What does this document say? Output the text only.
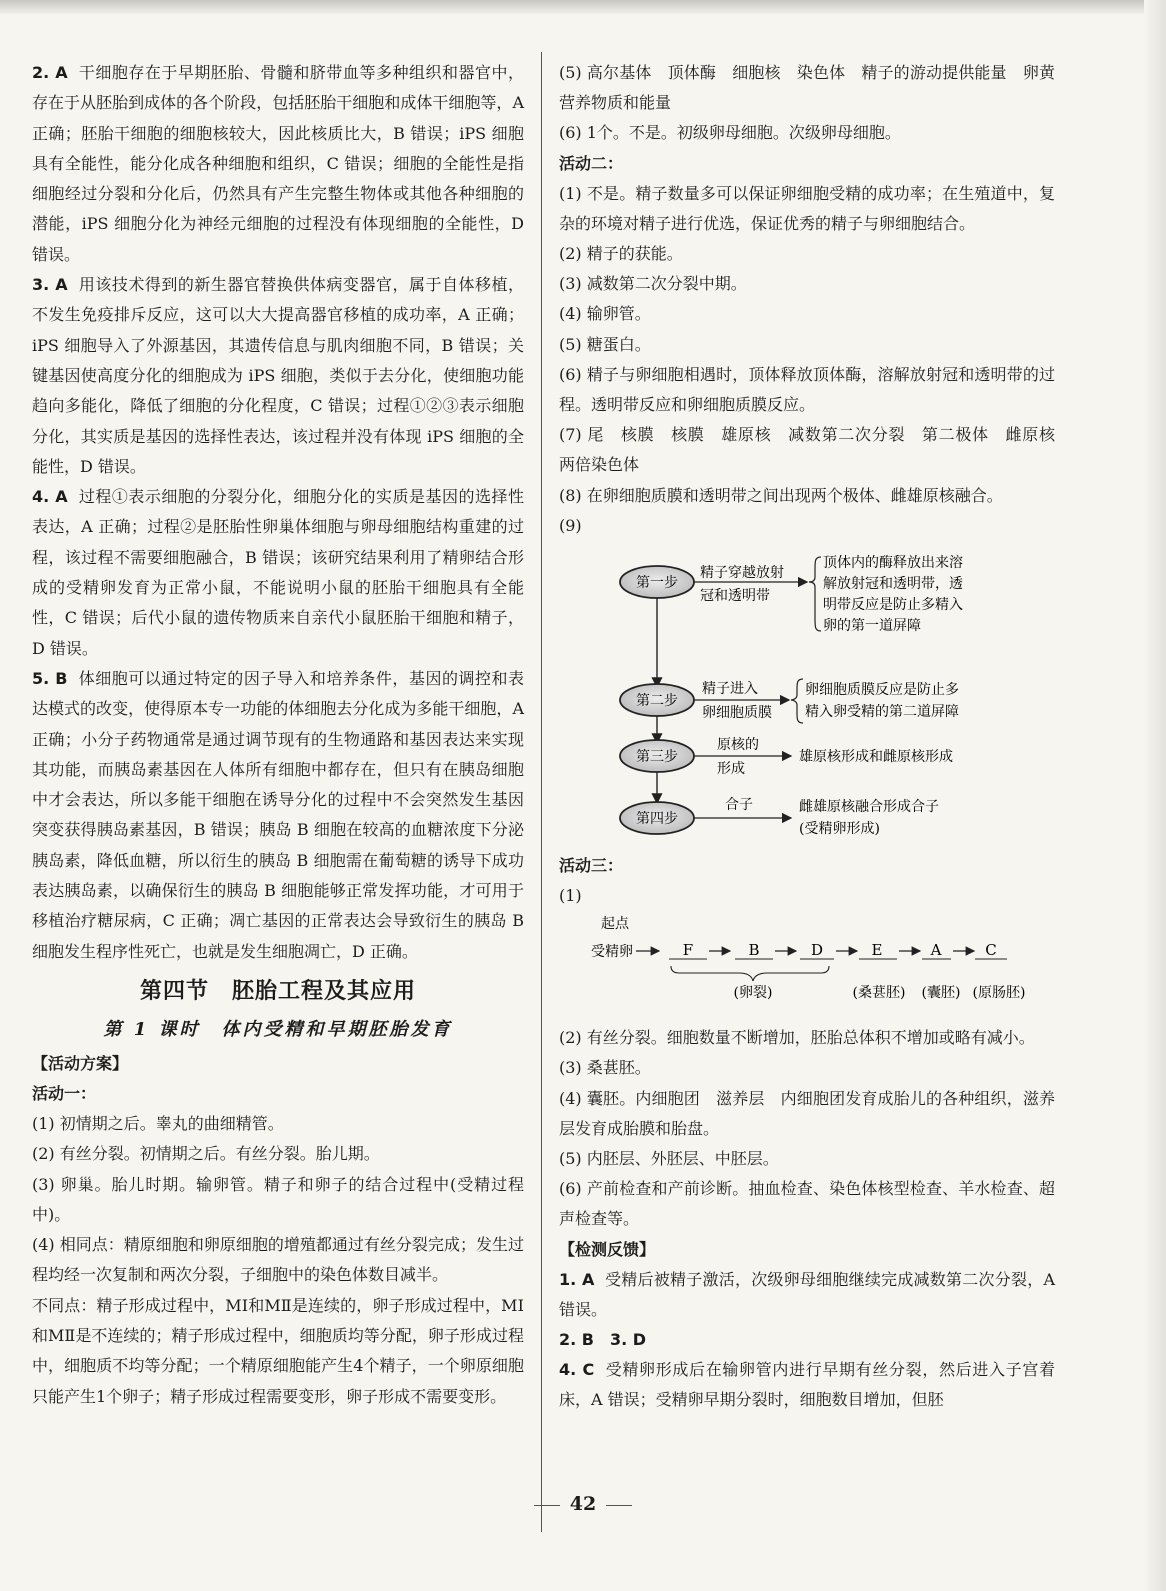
2. A 干细胞存在于早期胚胎、骨髓和脐带血等多种组织和器官中，存在于从胚胎到成体的各个阶段，包括胚胎干细胞和成体干细胞等，A 正确；胚胎干细胞的细胞核较大，因此核质比大，B 错误；iPS 细胞具有全能性，能分化成各种细胞和组织，C 错误；细胞的全能性是指细胞经过分裂和分化后，仍然具有产生完整生物体或其他各种细胞的潜能，iPS 细胞分化为神经元细胞的过程没有体现细胞的全能性，D 错误。

3. A 用该技术得到的新生器官替换供体病变器官，属于自体移植，不发生免疫排斥反应，这可以大大提高器官移植的成功率，A 正确；iPS 细胞导入了外源基因，其遗传信息与肌肉细胞不同，B 错误；关键基因使高度分化的细胞成为 iPS 细胞，类似于去分化，使细胞功能趋向多能化，降低了细胞的分化程度，C 错误；过程①②③表示细胞分化，其实质是基因的选择性表达，该过程并没有体现 iPS 细胞的全能性，D 错误。

4. A 过程①表示细胞的分裂分化，细胞分化的实质是基因的选择性表达，A 正确；过程②是胚胎性卵巢体细胞与卵母细胞结构重建的过程，该过程不需要细胞融合，B 错误；该研究结果利用了精卵结合形成的受精卵发育为正常小鼠，不能说明小鼠的胚胎干细胞具有全能性，C 错误；后代小鼠的遗传物质来自亲代小鼠胚胎干细胞和精子，D 错误。

5. B 体细胞可以通过特定的因子导入和培养条件，基因的调控和表达模式的改变，使得原本专一功能的体细胞去分化成为多能干细胞，A 正确；小分子药物通常是通过调节现有的生物通路和基因表达来实现其功能，而胰岛素基因在人体所有细胞中都存在，但只有在胰岛细胞中才会表达，所以多能干细胞在诱导分化的过程中不会突然发生基因突变获得胰岛素基因，B 错误；胰岛 B 细胞在较高的血糖浓度下分泌胰岛素，降低血糖，所以衍生的胰岛 B 细胞需在葡萄糖的诱导下成功表达胰岛素，以确保衍生的胰岛 B 细胞能够正常发挥功能，才可用于移植治疗糖尿病，C 正确；凋亡基因的正常表达会导致衍生的胰岛 B 细胞发生程序性死亡，也就是发生细胞凋亡，D 正确。

第四节　胚胎工程及其应用
第 1 课时　体内受精和早期胚胎发育
【活动方案】
活动一：

(1) 初情期之后。睾丸的曲细精管。

(2) 有丝分裂。初情期之后。有丝分裂。胎儿期。

(3) 卵巢。胎儿时期。输卵管。精子和卵子的结合过程中(受精过程中)。

(4) 相同点：精原细胞和卵原细胞的增殖都通过有丝分裂完成；发生过程均经一次复制和两次分裂，子细胞中的染色体数目减半。

不同点：精子形成过程中，MⅠ和MⅡ是连续的，卵子形成过程中，MⅠ和MⅡ是不连续的；精子形成过程中，细胞质均等分配，卵子形成过程中，细胞质不均等分配；一个精原细胞能产生4个精子，一个卵原细胞只能产生1个卵子；精子形成过程需要变形，卵子形成不需要变形。

(5) 高尔基体　顶体酶　细胞核　染色体　精子的游动提供能量　卵黄　营养物质和能量

(6) 1个。不是。初级卵母细胞。次级卵母细胞。

活动二：

(1) 不是。精子数量多可以保证卵细胞受精的成功率；在生殖道中，复杂的环境对精子进行优选，保证优秀的精子与卵细胞结合。

(2) 精子的获能。

(3) 减数第二次分裂中期。

(4) 输卵管。

(5) 糖蛋白。

(6) 精子与卵细胞相遇时，顶体释放顶体酶，溶解放射冠和透明带的过程。透明带反应和卵细胞质膜反应。

(7) 尾　核膜　核膜　雄原核　减数第二次分裂　第二极体　雌原核　两倍染色体

(8) 在卵细胞质膜和透明带之间出现两个极体、雌雄原核融合。

(9)

第一步
第二步
第三步
第四步
精子穿越放射
冠和透明带
顶体内的酶释放出来溶
解放射冠和透明带，透
明带反应是防止多精入
卵的第一道屏障
精子进入
卵细胞质膜
卵细胞质膜反应是防止多
精入卵受精的第二道屏障
原核的
形成
雄原核形成和雌原核形成
合子	雌雄原核融合形成合子
(受精卵形成)
活动三：

(1)

起点
受精卵	F	B	D	E	A	C
(卵裂)	(桑葚胚) (囊胚) (原肠胚)

(2) 有丝分裂。细胞数量不断增加，胚胎总体积不增加或略有减小。

(3) 桑葚胚。

(4) 囊胚。内细胞团　滋养层　内细胞团发育成胎儿的各种组织，滋养层发育成胎膜和胎盘。

(5) 内胚层、外胚层、中胚层。

(6) 产前检查和产前诊断。抽血检查、染色体核型检查、羊水检查、超声检查等。

【检测反馈】

1. A 受精后被精子激活，次级卵母细胞继续完成减数第二次分裂，A 错误。

2. B　3. D

4. C 受精卵形成后在输卵管内进行早期有丝分裂，然后进入子宫着床，A 错误；受精卵早期分裂时，细胞数目增加，但胚

42
